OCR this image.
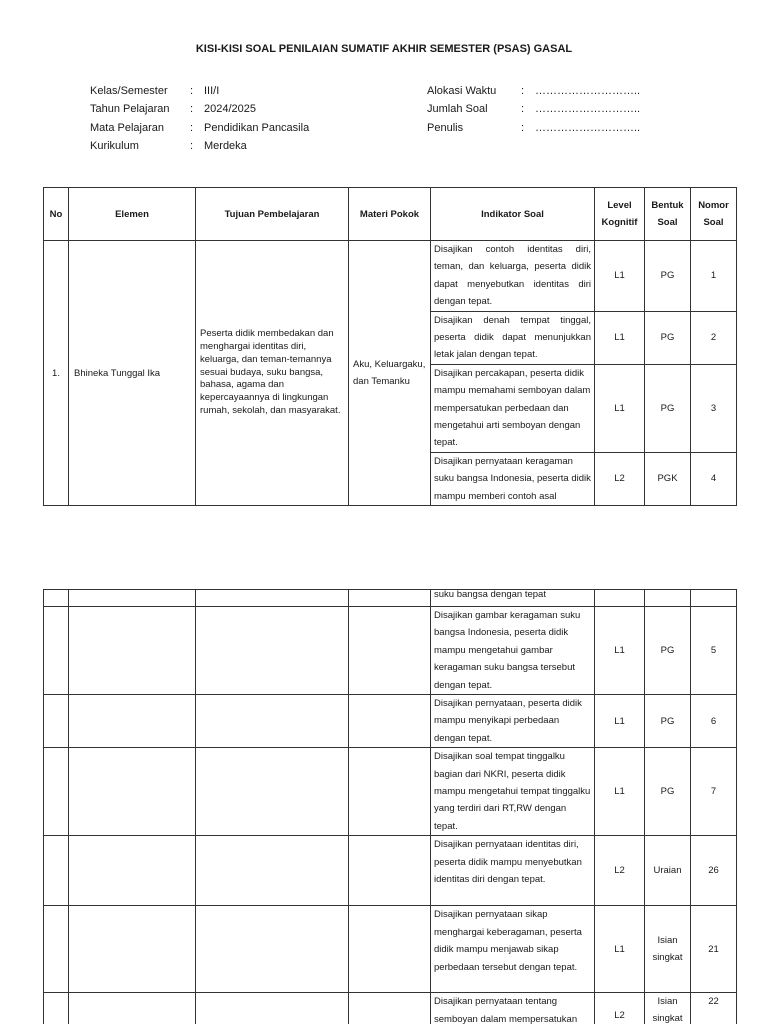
KISI-KISI SOAL PENILAIAN SUMATIF AKHIR SEMESTER (PSAS) GASAL
Kelas/Semester	: III/I
Tahun Pelajaran	: 2024/2025
Mata Pelajaran	: Pendidikan Pancasila
Kurikulum	: Merdeka
Alokasi Waktu	: ………………………..
Jumlah Soal	: ………………………..
Penulis	: ………………………..
No	Elemen	Tujuan Pembelajaran	Materi Pokok	Indikator Soal	Level Kognitif	Bentuk Soal	Nomor Soal
1.	Bhineka Tunggal Ika	Peserta didik membedakan dan menghargai identitas diri, keluarga, dan teman-temannya sesuai budaya, suku bangsa, bahasa, agama dan kepercayaannya di lingkungan rumah, sekolah, dan masyarakat.	Aku, Keluargaku, dan Temanku	Disajikan contoh identitas diri, teman, dan keluarga, peserta didik dapat menyebutkan identitas diri dengan tepat.	L1	PG	1
				Disajikan denah tempat tinggal, peserta didik dapat menunjukkan letak jalan dengan tepat.	L1	PG	2
				Disajikan percakapan, peserta didik mampu memahami semboyan dalam mempersatukan perbedaan dan mengetahui arti semboyan dengan tepat.	L1	PG	3
				Disajikan pernyataan keragaman suku bangsa Indonesia, peserta didik mampu memberi contoh asal	L2	PGK	4
				suku bangsa dengan tepat			
				Disajikan gambar keragaman suku bangsa Indonesia, peserta didik mampu mengetahui gambar keragaman suku bangsa tersebut dengan tepat.	L1	PG	5
				Disajikan pernyataan, peserta didik mampu menyikapi perbedaan dengan tepat.	L1	PG	6
				Disajikan soal tempat tinggalku bagian dari NKRI, peserta didik mampu mengetahui tempat tinggalku yang terdiri dari RT,RW dengan tepat.	L1	PG	7
				Disajikan pernyataan identitas diri, peserta didik mampu menyebutkan identitas diri dengan tepat.	L2	Uraian	26
				Disajikan pernyataan sikap menghargai keberagaman, peserta didik mampu menjawab sikap perbedaan tersebut dengan tepat.	L1	Isian singkat	21
				Disajikan pernyataan tentang semboyan dalam mempersatukan	L2	Isian singkat	22
